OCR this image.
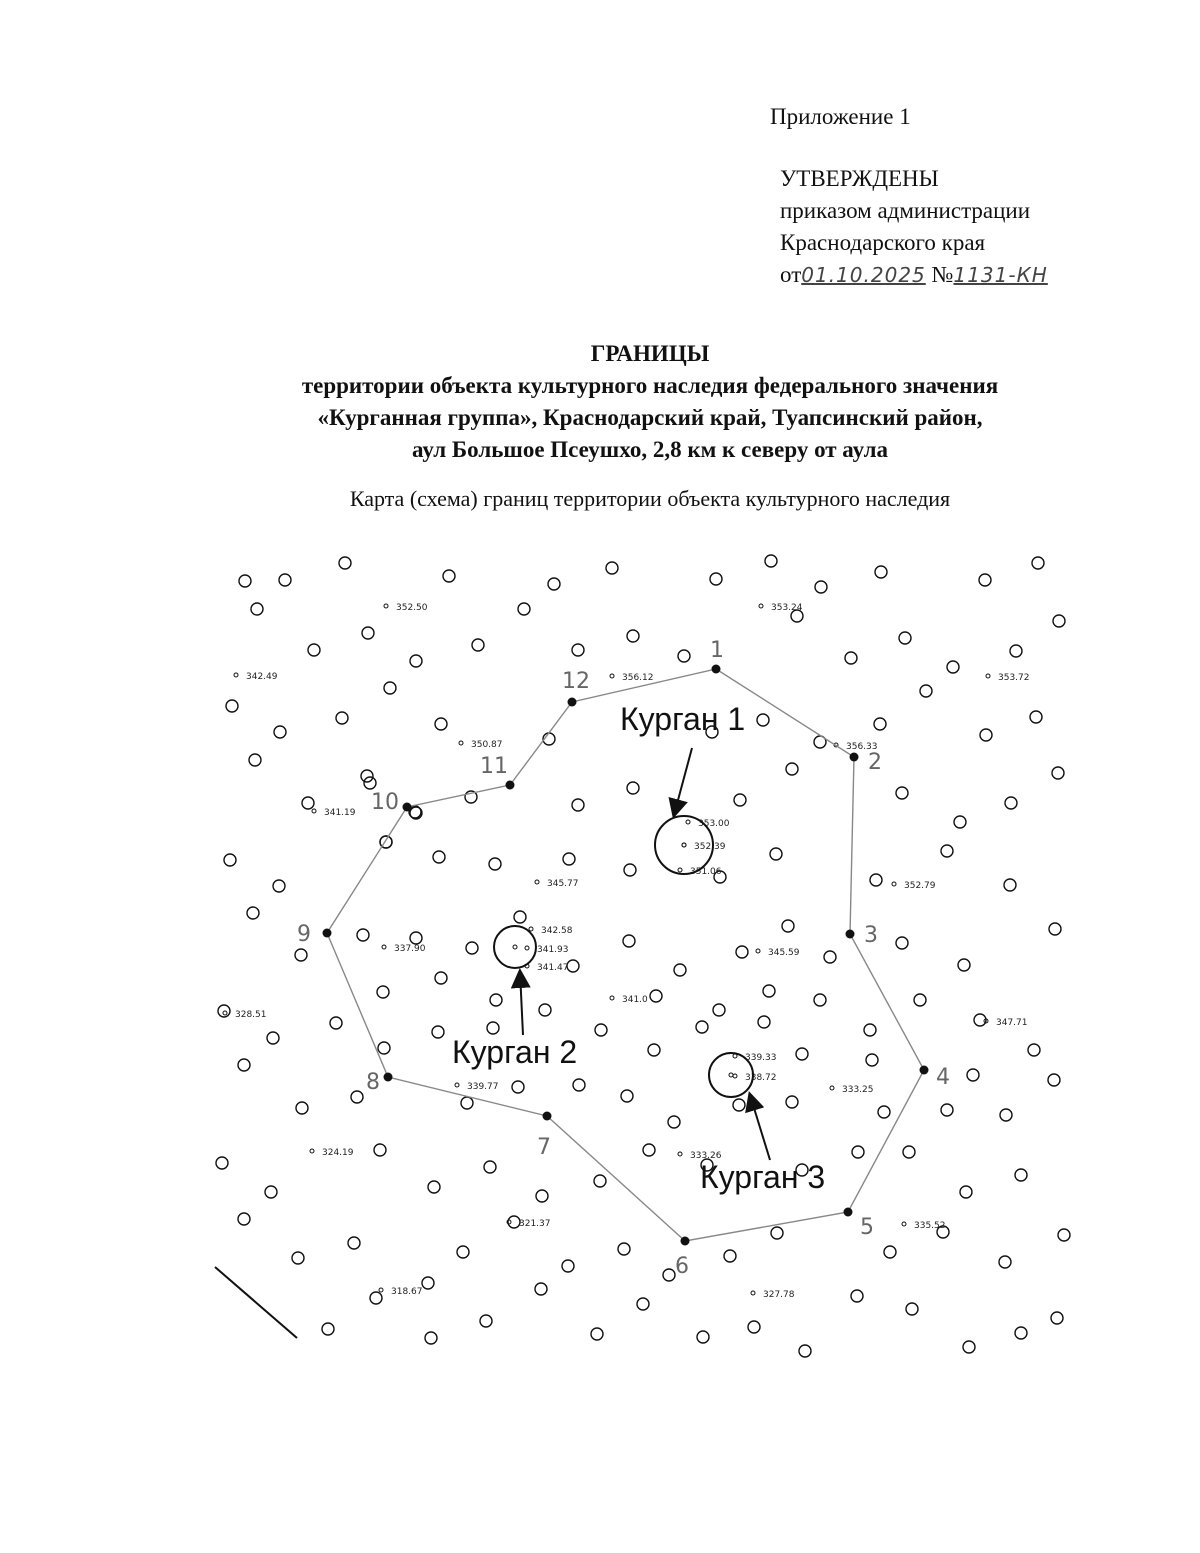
Приложение 1
УТВЕРЖДЕНЫ
приказом администрации
Краснодарского края
от01.10.2025 №1131-КН
ГРАНИЦЫ
территории объекта культурного наследия федерального значения
«Курганная группа», Краснодарский край, Туапсинский район,
аул Большое Псеушхо, 2,8 км к северу от аула
Карта (схема) границ территории объекта культурного наследия
352.50	353.24
342.49	356.12	353.72
350.87	356.33
341.19
353.00
352.39
351.06
345.77	352.79
342.58
341.93
341.47
337.90	345.59
341.0
328.51
347.71
339.33
338.72
333.25
339.77
324.19	333.26
321.37	335.52
318.67	327.78
1
2
3
4
5
6
7
8
9
10
11
12
Курган 1
Курган 2
Курган 3
